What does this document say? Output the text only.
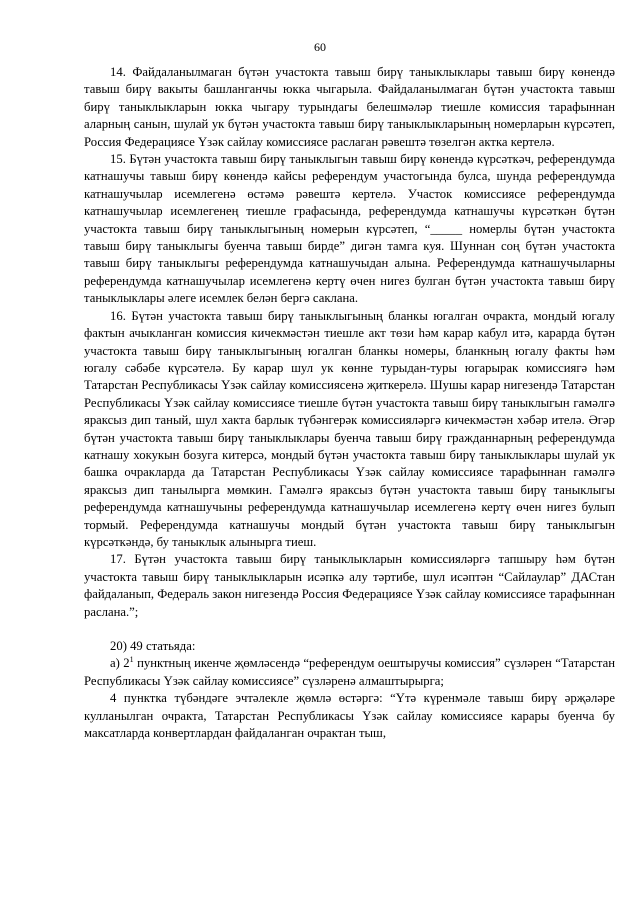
60

14. Файдаланылмаган бүтән участокта тавыш бирү таныклыклары тавыш бирү көнендә тавыш бирү вакыты башланганчы юкка чыгарыла. Файдаланылмаган бүтән участокта тавыш бирү таныклыкларын юкка чыгару турындагы белешмәләр тиешле комиссия тарафыннан аларның санын, шулай ук бүтән участокта тавыш бирү таныклыкларының номерларын күрсәтеп, Россия Федерациясе Үзәк сайлау комиссиясе раслаган рәвештә төзелгән актка кертелә.

15. Бүтән участокта тавыш бирү таныклыгын тавыш бирү көнендә күрсәткәч, референдумда катнашучы тавыш бирү көнендә кайсы референдум участогында булса, шунда референдумда катнашучылар исемлегенә өстәмә рәвештә кертелә. Участок комиссиясе референдумда катнашучылар исемлегенең тиешле графасында, референдумда катнашучы күрсәткән бүтән участокта тавыш бирү таныклыгының номерын күрсәтеп, “_____ номерлы бүтән участокта тавыш бирү таныклыгы буенча тавыш бирде” дигән тамга куя. Шуннан соң бүтән участокта тавыш бирү таныклыгы референдумда катнашучыдан алына. Референдумда катнашучыларны референдумда катнашучылар исемлегенә кертү өчен нигез булган бүтән участокта тавыш бирү таныклыклары әлеге исемлек белән бергә саклана.

16. Бүтән участокта тавыш бирү таныклыгының бланкы югалган очракта, мондый югалу фактын ачыкланган комиссия кичекмәстән тиешле акт төзи һәм карар кабул итә, карарда бүтән участокта тавыш бирү таныклыгының югалган бланкы номеры, бланкның югалу факты һәм югалу сәбәбе күрсәтелә. Бу карар шул ук көнне турыдан-туры югарырак комиссиягә һәм Татарстан Республикасы Үзәк сайлау комиссиясенә җиткерелә. Шушы карар нигезендә Татарстан Республикасы Үзәк сайлау комиссиясе тиешле бүтән участокта тавыш бирү таныклыгын гамәлгә яраксыз дип таный, шул хакта барлык түбәнгерәк комиссияләргә кичекмәстән хәбәр ителә. Әгәр бүтән участокта тавыш бирү таныклыклары буенча тавыш бирү гражданнарның референдумда катнашу хокукын бозуга китерсә, мондый бүтән участокта тавыш бирү таныклыклары шулай ук башка очракларда да Татарстан Республикасы Үзәк сайлау комиссиясе тарафыннан гамәлгә яраксыз дип танылырга мөмкин. Гамәлгә яраксыз бүтән участокта тавыш бирү таныклыгы референдумда катнашучыны референдумда катнашучылар исемлегенә кертү өчен нигез булып тормый. Референдумда катнашучы мондый бүтән участокта тавыш бирү таныклыгын күрсәткәндә, бу таныклык алынырга тиеш.

17. Бүтән участокта тавыш бирү таныклыкларын комиссияләргә тапшыру һәм бүтән участокта тавыш бирү таныклыкларын исәпкә алу тәртибе, шул исәптән “Сайлаулар” ДАСтан файдаланып, Федераль закон нигезендә Россия Федерациясе Үзәк сайлау комиссиясе тарафыннан раслана.”;

20) 49 статьяда:

а) $2^1$ пунктның икенче җөмләсендә “референдум оештыручы комиссия” сүзләрен “Татарстан Республикасы Үзәк сайлау комиссиясе” сүзләренә алмаштырырга;

4 пунктка түбәндәге эчтәлекле җөмлә өстәргә: “Үтә күренмәле тавыш бирү әрҗәләре кулланылган очракта, Татарстан Республикасы Үзәк сайлау комиссиясе карары буенча бу максатларда конвертлардан файдаланган очрактан тыш,
